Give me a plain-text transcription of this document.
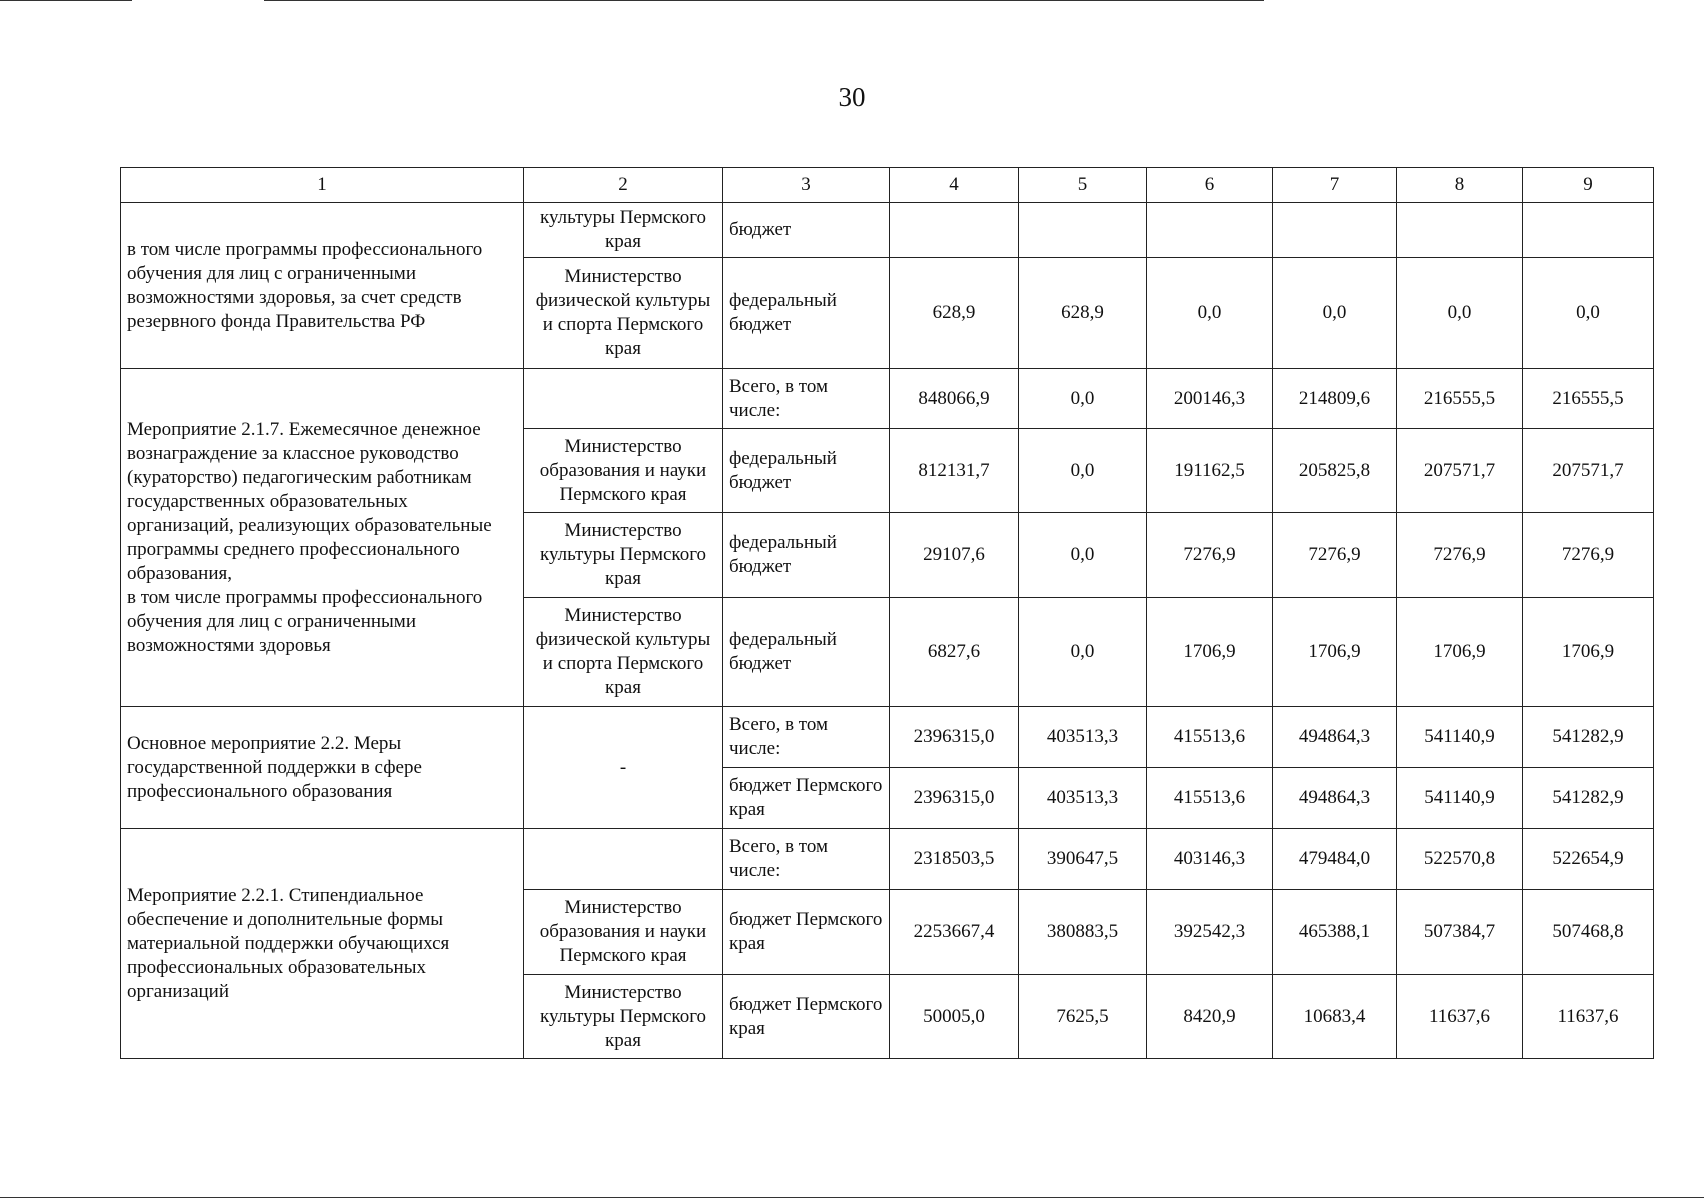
30
1	2	3	4	5	6	7	8	9
в том числе программы профессионального обучения для лиц с ограниченными возможностями здоровья, за счет средств резервного фонда Правительства РФ	культуры Пермского края	бюджет						
	Министерство физической культуры и спорта Пермского края	федеральный бюджет	628,9	628,9	0,0	0,0	0,0	0,0
Мероприятие 2.1.7. Ежемесячное денежное вознаграждение за классное руководство (кураторство) педагогическим работникам государственных образовательных организаций, реализующих образовательные программы среднего профессионального образования,
в том числе программы профессионального обучения для лиц с ограниченными возможностями здоровья		Всего, в том числе:	848066,9	0,0	200146,3	214809,6	216555,5	216555,5
	Министерство образования и науки Пермского края	федеральный бюджет	812131,7	0,0	191162,5	205825,8	207571,7	207571,7
	Министерство культуры Пермского края	федеральный бюджет	29107,6	0,0	7276,9	7276,9	7276,9	7276,9
	Министерство физической культуры и спорта Пермского края	федеральный бюджет	6827,6	0,0	1706,9	1706,9	1706,9	1706,9
Основное мероприятие 2.2. Меры государственной поддержки в сфере профессионального образования	-	Всего, в том числе:	2396315,0	403513,3	415513,6	494864,3	541140,9	541282,9
		бюджет Пермского края	2396315,0	403513,3	415513,6	494864,3	541140,9	541282,9
Мероприятие 2.2.1. Стипендиальное обеспечение и дополнительные формы материальной поддержки обучающихся профессиональных образовательных организаций		Всего, в том числе:	2318503,5	390647,5	403146,3	479484,0	522570,8	522654,9
	Министерство образования и науки Пермского края	бюджет Пермского края	2253667,4	380883,5	392542,3	465388,1	507384,7	507468,8
	Министерство культуры Пермского края	бюджет Пермского края	50005,0	7625,5	8420,9	10683,4	11637,6	11637,6
